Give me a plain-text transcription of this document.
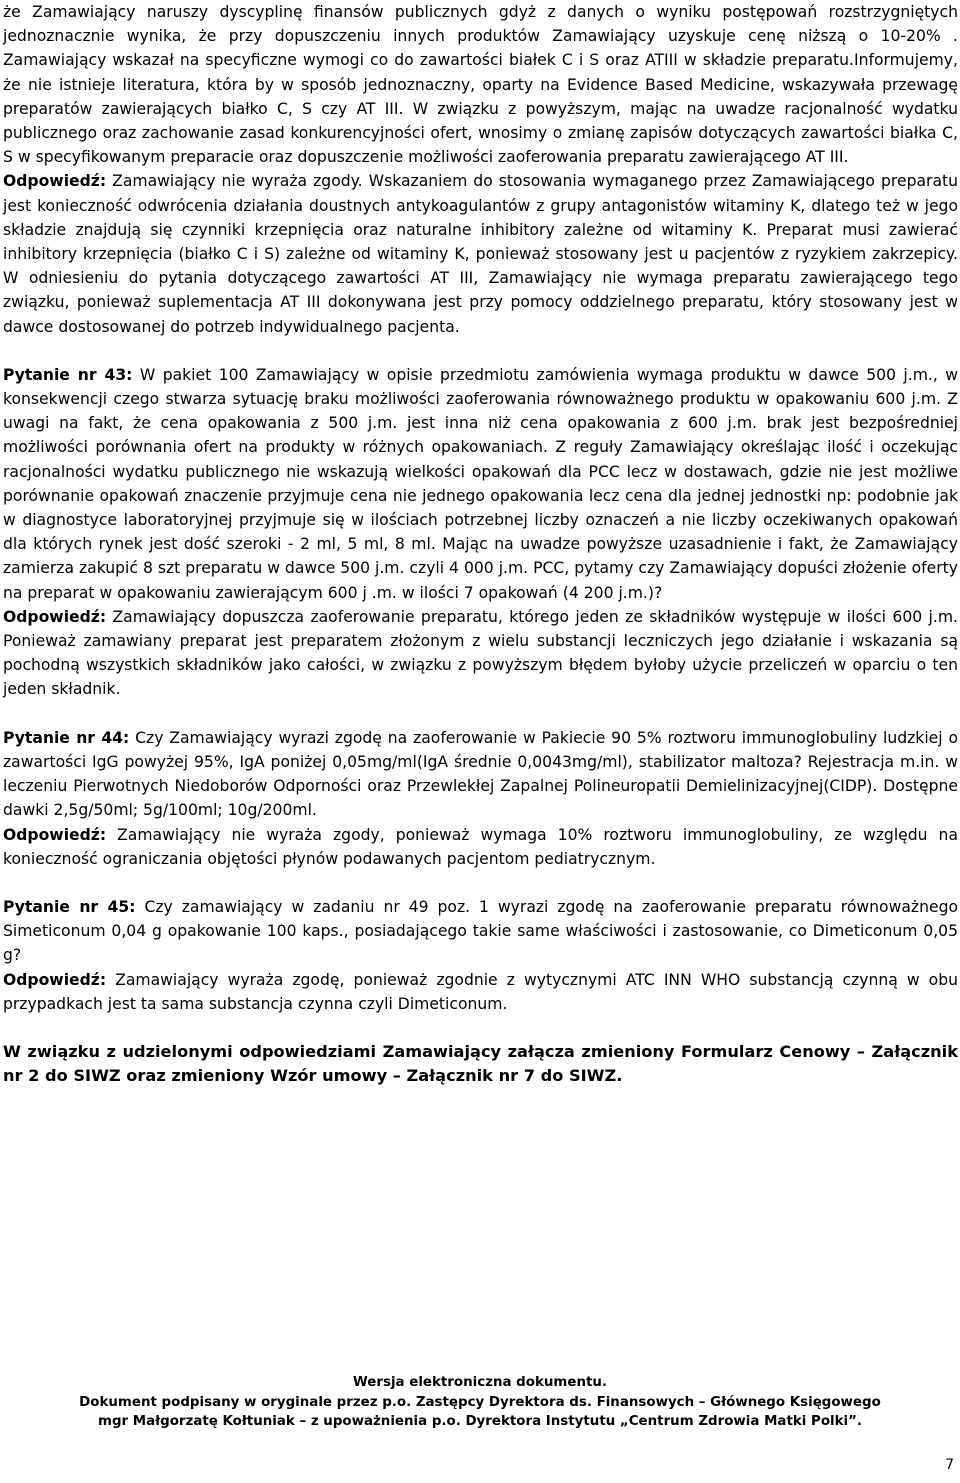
że Zamawiający naruszy dyscyplinę finansów publicznych gdyż z danych o wyniku postępowań rozstrzygniętych jednoznacznie wynika, że przy dopuszczeniu innych produktów Zamawiający uzyskuje cenę niższą o 10-20% . Zamawiający wskazał na specyficzne wymogi co do zawartości białek C i S oraz ATIII w składzie preparatu.Informujemy, że nie istnieje literatura, która by w sposób jednoznaczny, oparty na Evidence Based Medicine, wskazywała przewagę preparatów zawierających białko C, S czy AT III. W związku z powyższym, mając na uwadze racjonalność wydatku publicznego oraz zachowanie zasad konkurencyjności ofert, wnosimy o zmianę zapisów dotyczących zawartości białka C, S w specyfikowanym preparacie oraz dopuszczenie możliwości zaoferowania preparatu zawierającego AT III.
Odpowiedź: Zamawiający nie wyraża zgody. Wskazaniem do stosowania wymaganego przez Zamawiającego preparatu jest konieczność odwrócenia działania doustnych antykoagulantów z grupy antagonistów witaminy K, dlatego też w jego składzie znajdują się czynniki krzepnięcia oraz naturalne inhibitory zależne od witaminy K. Preparat musi zawierać inhibitory krzepnięcia (białko C i S) zależne od witaminy K, ponieważ stosowany jest u pacjentów z ryzykiem zakrzepicy. W odniesieniu do pytania dotyczącego zawartości AT III, Zamawiający nie wymaga preparatu zawierającego tego związku, ponieważ suplementacja AT III dokonywana jest przy pomocy oddzielnego preparatu, który stosowany jest w dawce dostosowanej do potrzeb indywidualnego pacjenta.

Pytanie nr 43: W pakiet 100 Zamawiający w opisie przedmiotu zamówienia wymaga produktu w dawce 500 j.m., w konsekwencji czego stwarza sytuację braku możliwości zaoferowania równoważnego produktu w opakowaniu 600 j.m. Z uwagi na fakt, że cena opakowania z 500 j.m. jest inna niż cena opakowania z 600 j.m. brak jest bezpośredniej możliwości porównania ofert na produkty w różnych opakowaniach. Z reguły Zamawiający określając ilość i oczekując racjonalności wydatku publicznego nie wskazują wielkości opakowań dla PCC lecz w dostawach, gdzie nie jest możliwe porównanie opakowań znaczenie przyjmuje cena nie jednego opakowania lecz cena dla jednej jednostki np: podobnie jak w diagnostyce laboratoryjnej przyjmuje się w ilościach potrzebnej liczby oznaczeń a nie liczby oczekiwanych opakowań dla których rynek jest dość szeroki - 2 ml, 5 ml, 8 ml. Mając na uwadze powyższe uzasadnienie i fakt, że Zamawiający zamierza zakupić 8 szt preparatu w dawce 500 j.m. czyli 4 000 j.m. PCC, pytamy czy Zamawiający dopuści złożenie oferty na preparat w opakowaniu zawierającym 600 j .m. w ilości 7 opakowań (4 200 j.m.)?
Odpowiedź: Zamawiający dopuszcza zaoferowanie preparatu, którego jeden ze składników występuje w ilości 600 j.m. Ponieważ zamawiany preparat jest preparatem złożonym z wielu substancji leczniczych jego działanie i wskazania są pochodną wszystkich składników jako całości, w związku z powyższym błędem byłoby użycie przeliczeń w oparciu o ten jeden składnik.

Pytanie nr 44: Czy Zamawiający wyrazi zgodę na zaoferowanie w Pakiecie 90 5% roztworu immunoglobuliny ludzkiej o zawartości IgG powyżej 95%, IgA poniżej 0,05mg/ml(IgA średnie 0,0043mg/ml), stabilizator maltoza? Rejestracja m.in. w leczeniu Pierwotnych Niedoborów Odporności oraz Przewlekłej Zapalnej Polineuropatii Demielinizacyjnej(CIDP). Dostępne dawki 2,5g/50ml; 5g/100ml; 10g/200ml.
Odpowiedź: Zamawiający nie wyraża zgody, ponieważ wymaga 10% roztworu immunoglobuliny, ze względu na konieczność ograniczania objętości płynów podawanych pacjentom pediatrycznym.

Pytanie nr 45: Czy zamawiający w zadaniu nr 49 poz. 1 wyrazi zgodę na zaoferowanie preparatu równoważnego Simeticonum 0,04 g opakowanie 100 kaps., posiadającego takie same właściwości i zastosowanie, co Dimeticonum 0,05 g?
Odpowiedź: Zamawiający wyraża zgodę, ponieważ zgodnie z wytycznymi ATC INN WHO substancją czynną w obu przypadkach jest ta sama substancja czynna czyli Dimeticonum.

W związku z udzielonymi odpowiedziami Zamawiający załącza zmieniony Formularz Cenowy – Załącznik nr 2 do SIWZ oraz zmieniony Wzór umowy – Załącznik nr 7 do SIWZ.

Wersja elektroniczna dokumentu.
Dokument podpisany w oryginale przez p.o. Zastępcy Dyrektora ds. Finansowych – Głównego Księgowego
mgr Małgorzatę Kołtuniak – z upoważnienia p.o. Dyrektora Instytutu „Centrum Zdrowia Matki Polki”.
7
